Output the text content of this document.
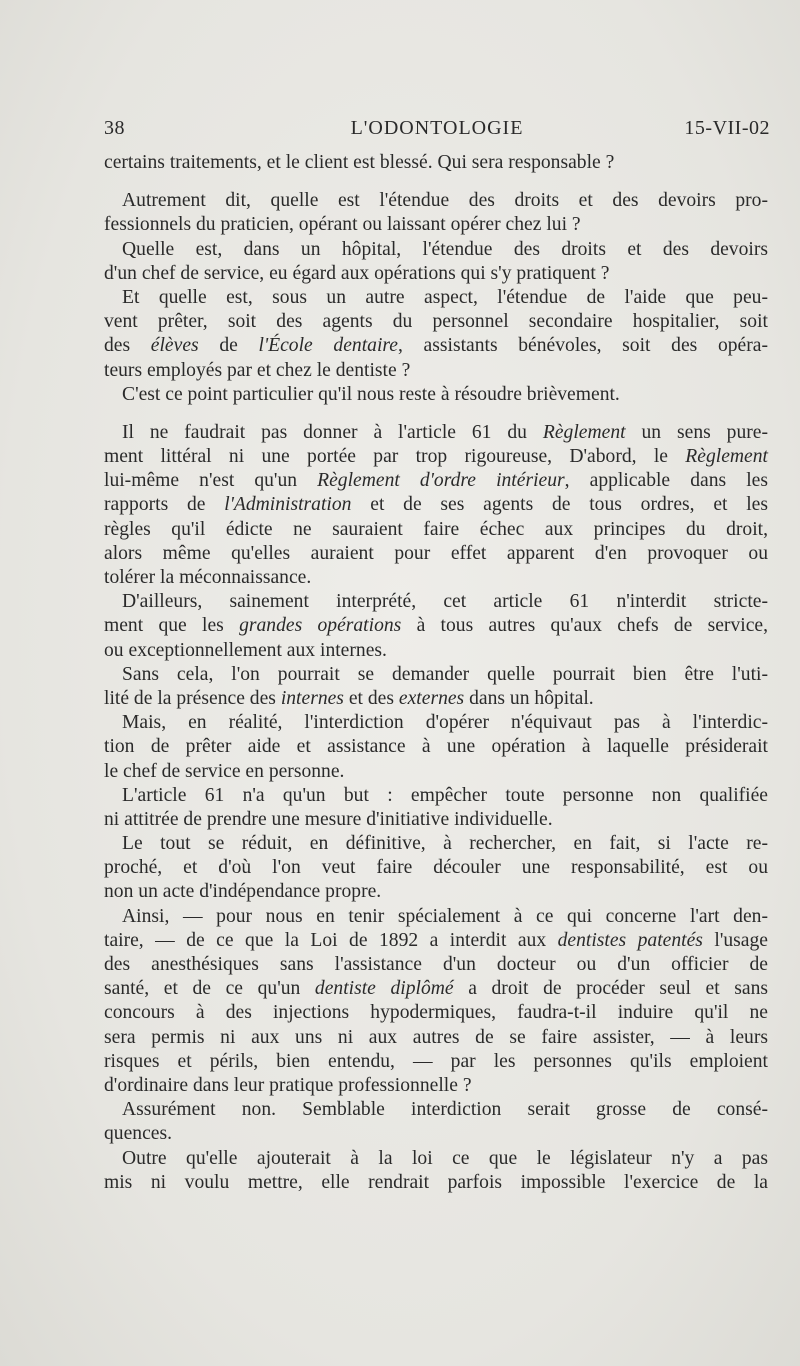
38	L'ODONTOLOGIE	15-VII-02
certains traitements, et le client est blessé. Qui sera responsable ?
Autrement dit, quelle est l'étendue des droits et des devoirs pro-
fessionnels du praticien, opérant ou laissant opérer chez lui ?
Quelle est, dans un hôpital, l'étendue des droits et des devoirs
d'un chef de service, eu égard aux opérations qui s'y pratiquent ?
Et quelle est, sous un autre aspect, l'étendue de l'aide que peu-
vent prêter, soit des agents du personnel secondaire hospitalier, soit
des élèves de l'École dentaire, assistants bénévoles, soit des opéra-
teurs employés par et chez le dentiste ?
C'est ce point particulier qu'il nous reste à résoudre brièvement.
Il ne faudrait pas donner à l'article 61 du Règlement un sens pure-
ment littéral ni une portée par trop rigoureuse, D'abord, le Règlement
lui-même n'est qu'un Règlement d'ordre intérieur, applicable dans les
rapports de l'Administration et de ses agents de tous ordres, et les
règles qu'il édicte ne sauraient faire échec aux principes du droit,
alors même qu'elles auraient pour effet apparent d'en provoquer ou
tolérer la méconnaissance.
D'ailleurs, sainement interprété, cet article 61 n'interdit stricte-
ment que les grandes opérations à tous autres qu'aux chefs de service,
ou exceptionnellement aux internes.
Sans cela, l'on pourrait se demander quelle pourrait bien être l'uti-
lité de la présence des internes et des externes dans un hôpital.
Mais, en réalité, l'interdiction d'opérer n'équivaut pas à l'interdic-
tion de prêter aide et assistance à une opération à laquelle présiderait
le chef de service en personne.
L'article 61 n'a qu'un but : empêcher toute personne non qualifiée
ni attitrée de prendre une mesure d'initiative individuelle.
Le tout se réduit, en définitive, à rechercher, en fait, si l'acte re-
proché, et d'où l'on veut faire découler une responsabilité, est ou
non un acte d'indépendance propre.
Ainsi, — pour nous en tenir spécialement à ce qui concerne l'art den-
taire, — de ce que la Loi de 1892 a interdit aux dentistes patentés l'usage
des anesthésiques sans l'assistance d'un docteur ou d'un officier de
santé, et de ce qu'un dentiste diplômé a droit de procéder seul et sans
concours à des injections hypodermiques, faudra-t-il induire qu'il ne
sera permis ni aux uns ni aux autres de se faire assister, — à leurs
risques et périls, bien entendu, — par les personnes qu'ils emploient
d'ordinaire dans leur pratique professionnelle ?
Assurément non. Semblable interdiction serait grosse de consé-
quences.
Outre qu'elle ajouterait à la loi ce que le législateur n'y a pas
mis ni voulu mettre, elle rendrait parfois impossible l'exercice de la
